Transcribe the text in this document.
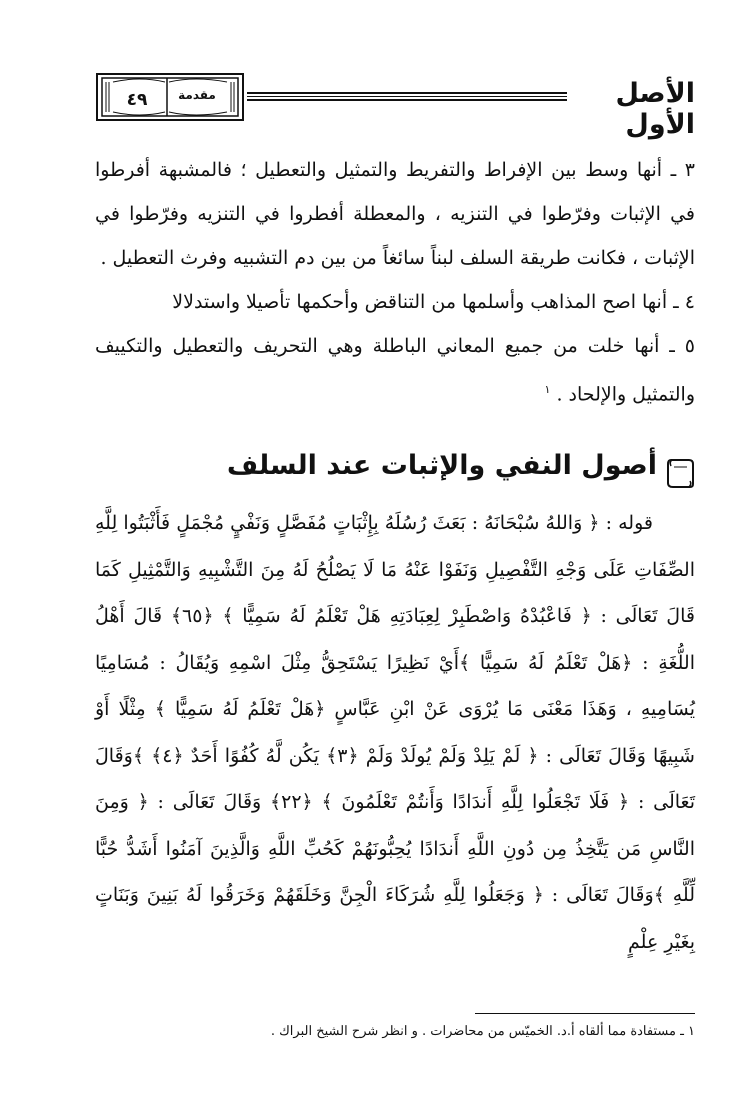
٤٩	مقدمة	الأصل الأول

٣ ـ أنها وسط بين الإفراط والتفريط والتمثيل والتعطيل ؛ فالمشبهة أفرطوا في الإثبات وفرّطوا في التنزيه ، والمعطلة أفطروا في التنزيه وفرّطوا في الإثبات ، فكانت طريقة السلف لبناً سائغاً من بين دم التشبيه وفرث التعطيل .

٤ ـ أنها اصح المذاهب وأسلمها من التناقض وأحكمها تأصيلا واستدلالا

٥ ـ أنها خلت من جميع المعاني الباطلة وهي التحريف والتعطيل والتكييف والتمثيل والإلحاد . $^١$

أصول النفي والإثبات عند السلف

قوله : ﴿ وَاللهُ سُبْحَانَهُ : بَعَثَ رُسُلَهُ بِإِثْبَاتٍ مُفَصَّلٍ وَنَفْيٍ مُجْمَلٍ فَأَثْبَتُوا لِلَّهِ الصِّفَاتِ عَلَى وَجْهِ التَّفْصِيلِ وَنَفَوْا عَنْهُ مَا لَا يَصْلُحُ لَهُ مِنَ التَّشْبِيهِ وَالتَّمْثِيلِ كَمَا قَالَ تَعَالَى : ﴿ فَاعْبُدْهُ وَاصْطَبِرْ لِعِبَادَتِهِ هَلْ تَعْلَمُ لَهُ سَمِيًّا ﴾ ﴿٦٥﴾ قَالَ أَهْلُ اللُّغَةِ : ﴿هَلْ تَعْلَمُ لَهُ سَمِيًّا ﴾أَيْ نَظِيرًا يَسْتَحِقُّ مِثْلَ اسْمِهِ وَيُقَالُ : مُسَامِيًا يُسَامِيهِ ، وَهَذَا مَعْنَى مَا يُرْوَى عَنْ ابْنِ عَبَّاسٍ ﴿هَلْ تَعْلَمُ لَهُ سَمِيًّا ﴾ مِثْلًا أَوْ شَبِيهًا وَقَالَ تَعَالَى : ﴿ لَمْ يَلِدْ وَلَمْ يُولَدْ وَلَمْ ﴿٣﴾ يَكُن لَّهُ كُفُوًا أَحَدٌ ﴿٤﴾ ﴾وَقَالَ تَعَالَى : ﴿ فَلَا تَجْعَلُوا لِلَّهِ أَندَادًا وَأَنتُمْ تَعْلَمُونَ ﴾ ﴿٢٢﴾ وَقَالَ تَعَالَى : ﴿ وَمِنَ النَّاسِ مَن يَتَّخِذُ مِن دُونِ اللَّهِ أَندَادًا يُحِبُّونَهُمْ كَحُبِّ اللَّهِ وَالَّذِينَ آمَنُوا أَشَدُّ حُبًّا لِّلَّهِ ﴾وَقَالَ تَعَالَى : ﴿ وَجَعَلُوا لِلَّهِ شُرَكَاءَ الْجِنَّ وَخَلَقَهُمْ وَخَرَقُوا لَهُ بَنِينَ وَبَنَاتٍ بِغَيْرِ عِلْمٍ

١ ـ مستفادة مما ألقاه أ.د. الخميّس من محاضرات . و انظر شرح الشيخ البراك .
